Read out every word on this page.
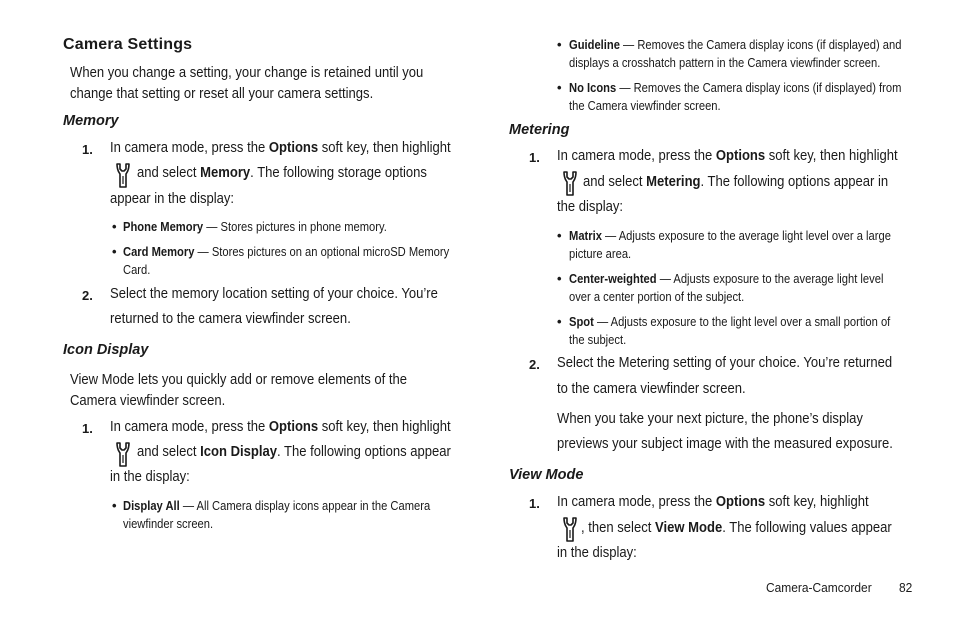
Camera Settings
When you change a setting, your change is retained until you
change that setting or reset all your camera settings.
Memory
1. In camera mode, press the Options soft key, then highlight
and select Memory. The following storage options
appear in the display:
• Phone Memory — Stores pictures in phone memory.
• Card Memory — Stores pictures on an optional microSD Memory
Card.
2. Select the memory location setting of your choice. You’re
returned to the camera viewfinder screen.
Icon Display
View Mode lets you quickly add or remove elements of the
Camera viewfinder screen.
1. In camera mode, press the Options soft key, then highlight
and select Icon Display. The following options appear
in the display:
• Display All — All Camera display icons appear in the Camera
viewfinder screen.
• Guideline — Removes the Camera display icons (if displayed) and
displays a crosshatch pattern in the Camera viewfinder screen.
• No Icons — Removes the Camera display icons (if displayed) from
the Camera viewfinder screen.
Metering
1. In camera mode, press the Options soft key, then highlight
and select Metering. The following options appear in
the display:
• Matrix — Adjusts exposure to the average light level over a large
picture area.
• Center-weighted — Adjusts exposure to the average light level
over a center portion of the subject.
• Spot — Adjusts exposure to the light level over a small portion of
the subject.
2. Select the Metering setting of your choice. You’re returned
to the camera viewfinder screen.
When you take your next picture, the phone’s display
previews your subject image with the measured exposure.
View Mode
1. In camera mode, press the Options soft key, highlight
, then select View Mode. The following values appear
in the display:
Camera-Camcorder 82
